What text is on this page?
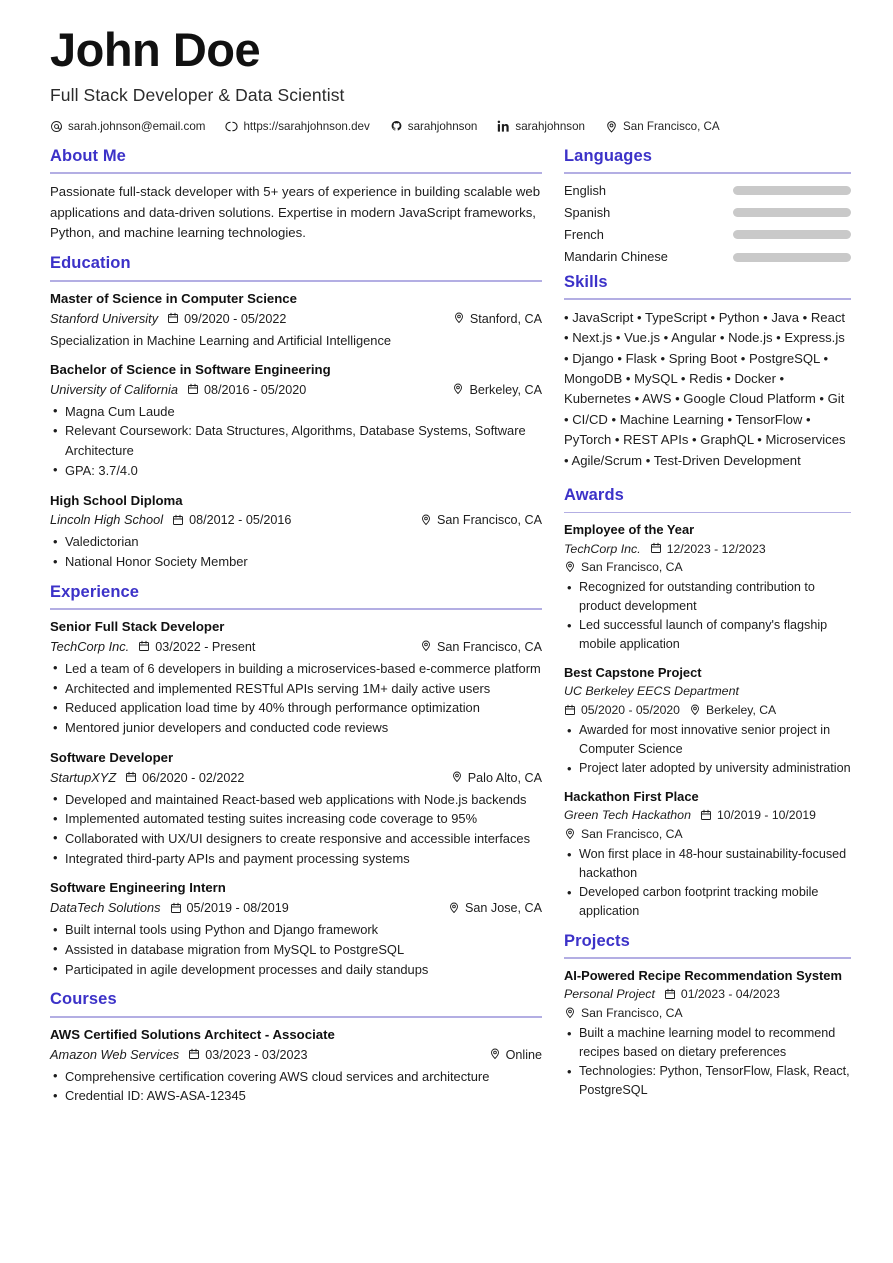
John Doe
Full Stack Developer & Data Scientist
sarah.johnson@email.com	https://sarahjohnson.dev	sarahjohnson	sarahjohnson	San Francisco, CA
About Me
Passionate full-stack developer with 5+ years of experience in building scalable web applications and data-driven solutions. Expertise in modern JavaScript frameworks, Python, and machine learning technologies.
Education
Master of Science in Computer Science
Stanford University 09/2020 - 05/2022	Stanford, CA
Specialization in Machine Learning and Artificial Intelligence
Bachelor of Science in Software Engineering
University of California 08/2016 - 05/2020	Berkeley, CA
• Magna Cum Laude
• Relevant Coursework: Data Structures, Algorithms, Database Systems, Software Architecture
• GPA: 3.7/4.0
High School Diploma
Lincoln High School 08/2012 - 05/2016	San Francisco, CA
• Valedictorian
• National Honor Society Member
Experience
Senior Full Stack Developer
TechCorp Inc. 03/2022 - Present	San Francisco, CA
• Led a team of 6 developers in building a microservices-based e-commerce platform
• Architected and implemented RESTful APIs serving 1M+ daily active users
• Reduced application load time by 40% through performance optimization
• Mentored junior developers and conducted code reviews
Software Developer
StartupXYZ 06/2020 - 02/2022	Palo Alto, CA
• Developed and maintained React-based web applications with Node.js backends
• Implemented automated testing suites increasing code coverage to 95%
• Collaborated with UX/UI designers to create responsive and accessible interfaces
• Integrated third-party APIs and payment processing systems
Software Engineering Intern
DataTech Solutions 05/2019 - 08/2019	San Jose, CA
• Built internal tools using Python and Django framework
• Assisted in database migration from MySQL to PostgreSQL
• Participated in agile development processes and daily standups
Courses
AWS Certified Solutions Architect - Associate
Amazon Web Services 03/2023 - 03/2023	Online
• Comprehensive certification covering AWS cloud services and architecture
• Credential ID: AWS-ASA-12345
Languages
English
Spanish
French
Mandarin Chinese
Skills
• JavaScript • TypeScript • Python • Java • React • Next.js • Vue.js • Angular • Node.js • Express.js • Django • Flask • Spring Boot • PostgreSQL • MongoDB • MySQL • Redis • Docker • Kubernetes • AWS • Google Cloud Platform • Git • CI/CD • Machine Learning • TensorFlow • PyTorch • REST APIs • GraphQL • Microservices • Agile/Scrum • Test-Driven Development
Awards
Employee of the Year
TechCorp Inc. 12/2023 - 12/2023
San Francisco, CA
• Recognized for outstanding contribution to product development
• Led successful launch of company's flagship mobile application
Best Capstone Project
UC Berkeley EECS Department
05/2020 - 05/2020 Berkeley, CA
• Awarded for most innovative senior project in Computer Science
• Project later adopted by university administration
Hackathon First Place
Green Tech Hackathon 10/2019 - 10/2019
San Francisco, CA
• Won first place in 48-hour sustainability-focused hackathon
• Developed carbon footprint tracking mobile application
Projects
AI-Powered Recipe Recommendation System
Personal Project 01/2023 - 04/2023
San Francisco, CA
• Built a machine learning model to recommend recipes based on dietary preferences
• Technologies: Python, TensorFlow, Flask, React, PostgreSQL
